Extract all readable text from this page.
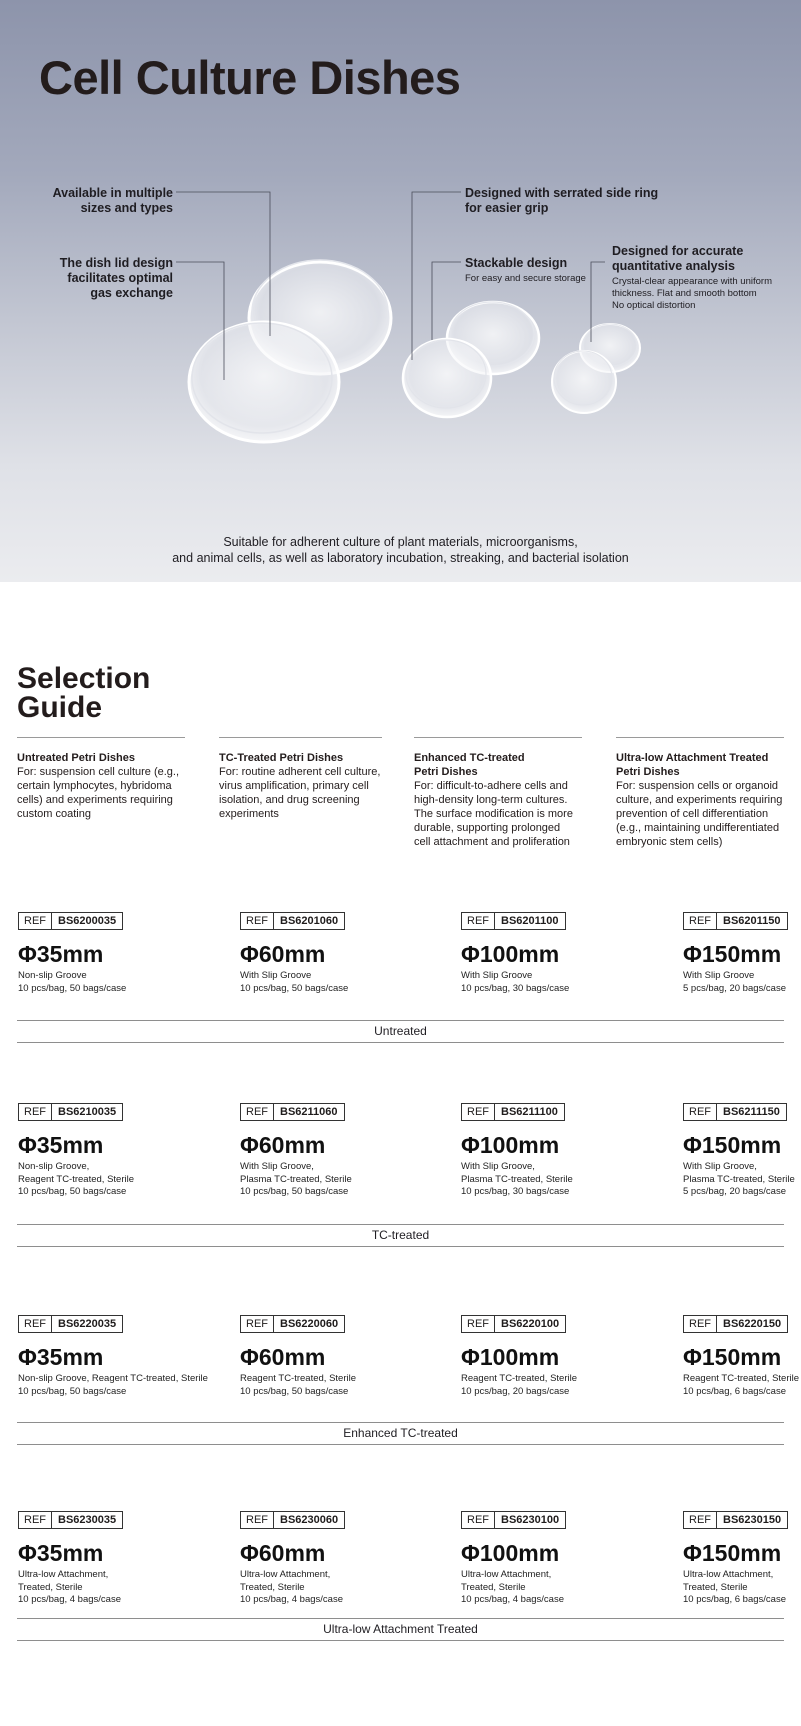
Cell Culture Dishes
Available in multiple
sizes and types
The dish lid design
facilitates optimal
gas exchange
Designed with serrated side ring
for easier grip
Stackable design
For easy and secure storage
Designed for accurate
quantitative analysis
Crystal-clear appearance with uniform
thickness. Flat and smooth bottom
No optical distortion
Suitable for adherent culture of plant materials, microorganisms,
and animal cells, as well as laboratory incubation, streaking, and bacterial isolation
Selection
Guide
Untreated Petri Dishes
For: suspension cell culture (e.g.,
certain lymphocytes, hybridoma
cells) and experiments requiring
custom coating
TC-Treated Petri Dishes
For: routine adherent cell culture,
virus amplification, primary cell
isolation, and drug screening
experiments
Enhanced TC-treated
Petri Dishes
For: difficult-to-adhere cells and
high-density long-term cultures.
The surface modification is more
durable, supporting prolonged
cell attachment and proliferation
Ultra-low Attachment Treated
Petri Dishes
For: suspension cells or organoid
culture, and experiments requiring
prevention of cell differentiation
(e.g., maintaining undifferentiated
embryonic stem cells)
REF	BS6200035
Φ35mm
Non-slip Groove
10 pcs/bag, 50 bags/case
REF	BS6201060
Φ60mm
With Slip Groove
10 pcs/bag, 50 bags/case
REF	BS6201100
Φ100mm
With Slip Groove
10 pcs/bag, 30 bags/case
REF	BS6201150
Φ150mm
With Slip Groove
5 pcs/bag, 20 bags/case
Untreated
REF	BS6210035
Φ35mm
Non-slip Groove,
Reagent TC-treated, Sterile
10 pcs/bag, 50 bags/case
REF	BS6211060
Φ60mm
With Slip Groove,
Plasma TC-treated, Sterile
10 pcs/bag, 50 bags/case
REF	BS6211100
Φ100mm
With Slip Groove,
Plasma TC-treated, Sterile
10 pcs/bag, 30 bags/case
REF	BS6211150
Φ150mm
With Slip Groove,
Plasma TC-treated, Sterile
5 pcs/bag, 20 bags/case
TC-treated
REF	BS6220035
Φ35mm
Non-slip Groove, Reagent TC-treated, Sterile
10 pcs/bag, 50 bags/case
REF	BS6220060
Φ60mm
Reagent TC-treated, Sterile
10 pcs/bag, 50 bags/case
REF	BS6220100
Φ100mm
Reagent TC-treated, Sterile
10 pcs/bag, 20 bags/case
REF	BS6220150
Φ150mm
Reagent TC-treated, Sterile
10 pcs/bag, 6 bags/case
Enhanced TC-treated
REF	BS6230035
Φ35mm
Ultra-low Attachment,
Treated, Sterile
10 pcs/bag, 4 bags/case
REF	BS6230060
Φ60mm
Ultra-low Attachment,
Treated, Sterile
10 pcs/bag, 4 bags/case
REF	BS6230100
Φ100mm
Ultra-low Attachment,
Treated, Sterile
10 pcs/bag, 4 bags/case
REF	BS6230150
Φ150mm
Ultra-low Attachment,
Treated, Sterile
10 pcs/bag, 6 bags/case
Ultra-low Attachment Treated
